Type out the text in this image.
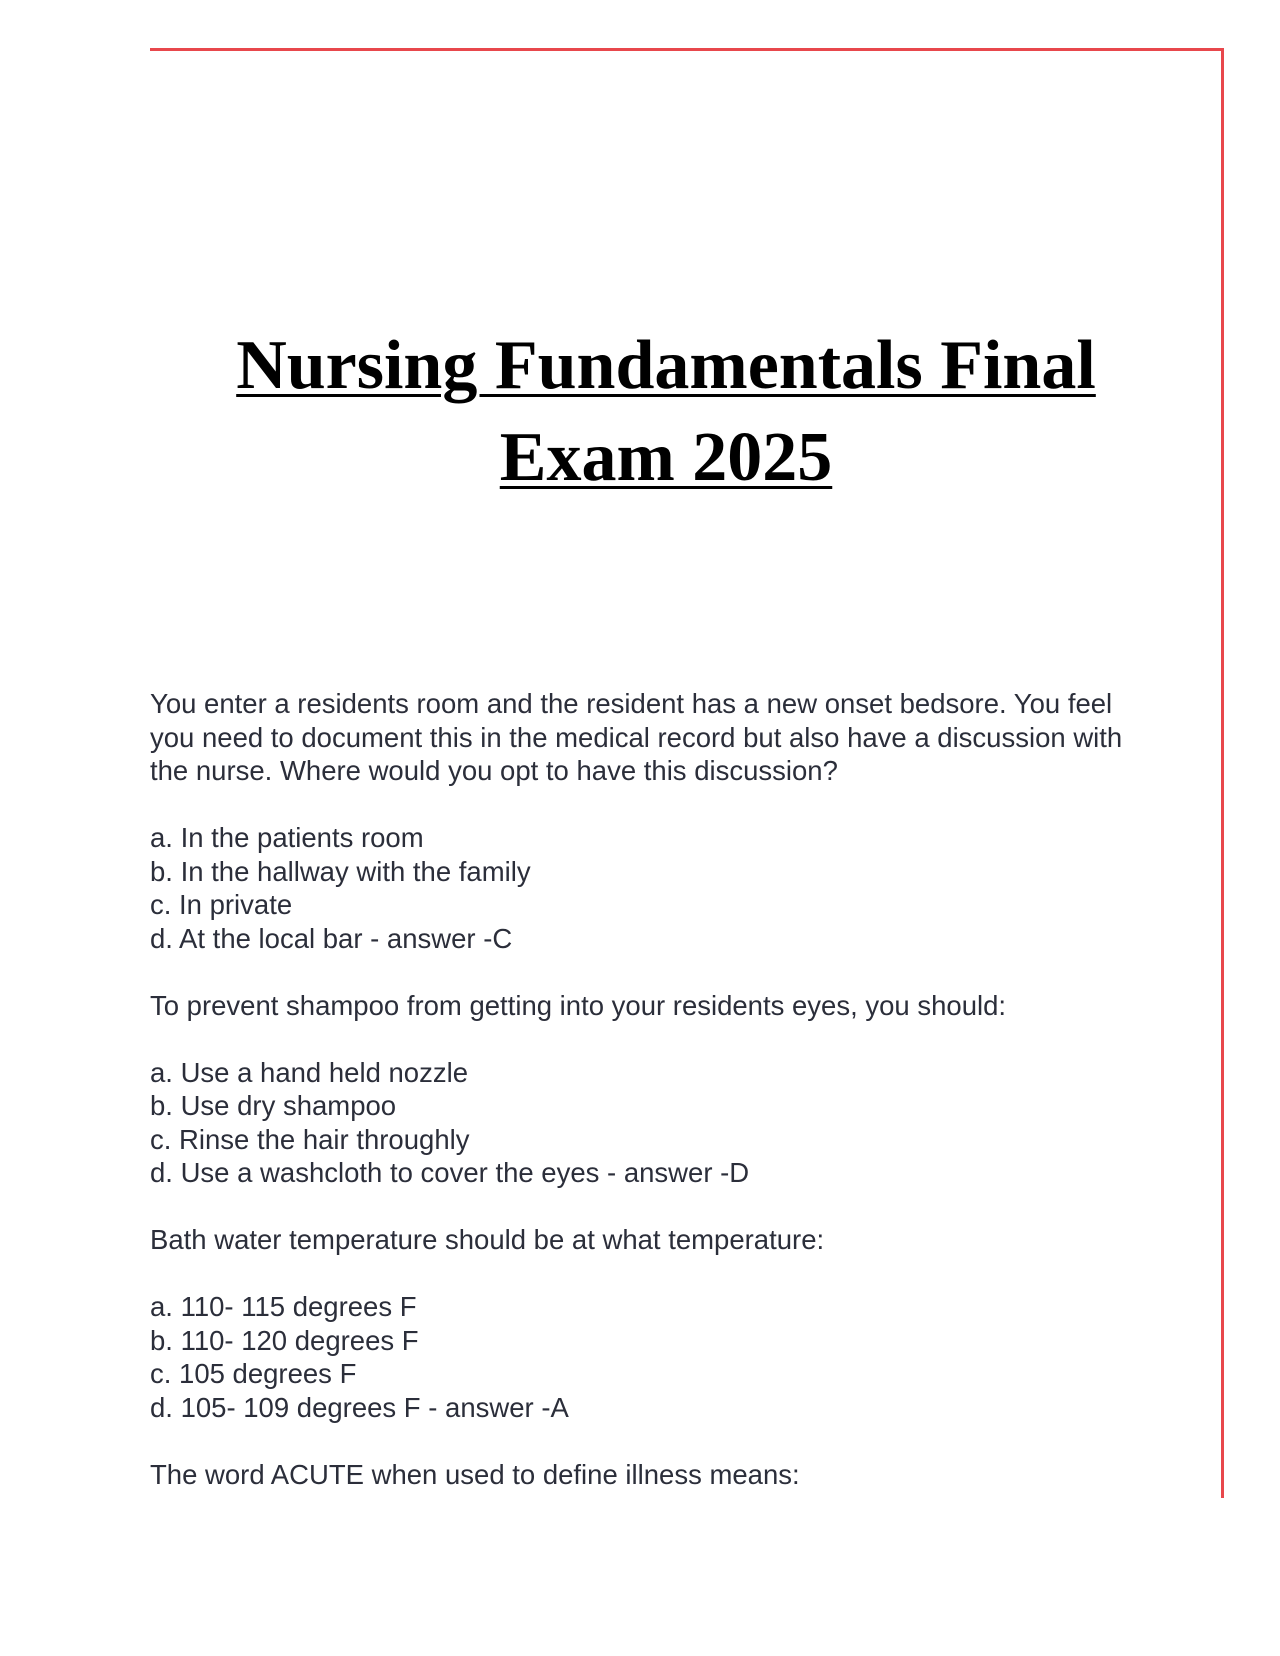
Nursing Fundamentals Final
Exam 2025

You enter a residents room and the resident has a new onset bedsore. You feel you need to document this in the medical record but also have a discussion with the nurse. Where would you opt to have this discussion?

a. In the patients room

b. In the hallway with the family

c. In private

d. At the local bar - answer -C

To prevent shampoo from getting into your residents eyes, you should:

a. Use a hand held nozzle

b. Use dry shampoo

c. Rinse the hair throughly

d. Use a washcloth to cover the eyes - answer -D

Bath water temperature should be at what temperature:

a. 110- 115 degrees F

b. 110- 120 degrees F

c. 105 degrees F

d. 105- 109 degrees F - answer -A

The word ACUTE when used to define illness means:
